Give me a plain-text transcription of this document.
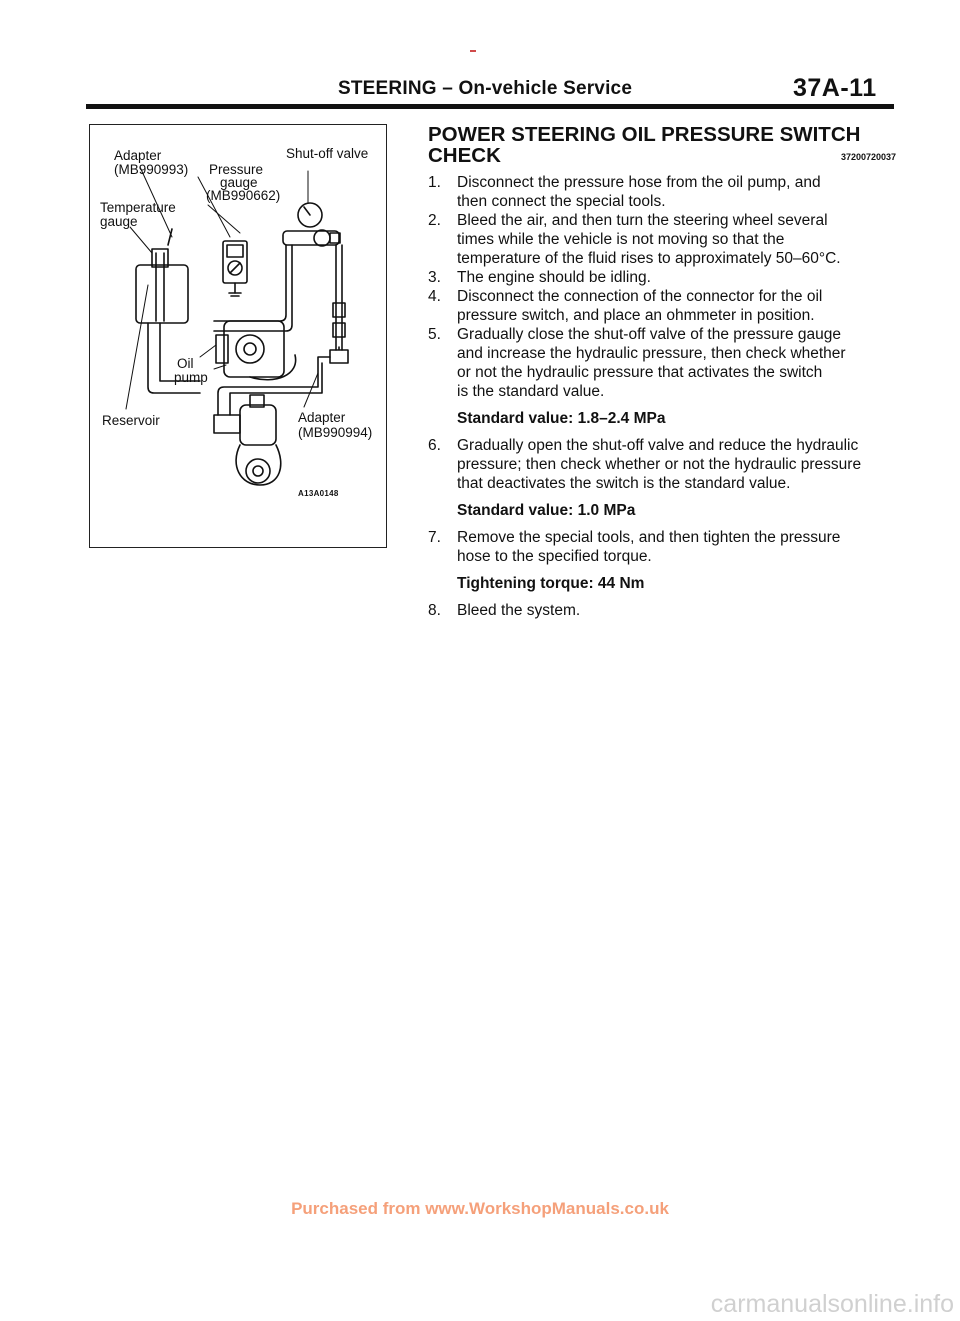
STEERING – On-vehicle Service	37A-11
Adapter
(MB990993) Pressure
gauge
(MB990662)
Shut-off valve
Temperature
gauge
Oil
pump
Reservoir	Adapter
(MB990994)
A13A0148
POWER STEERING OIL PRESSURE SWITCH
CHECK	37200720037
1. Disconnect the pressure hose from the oil pump, and
then connect the special tools.
2. Bleed the air, and then turn the steering wheel several
times while the vehicle is not moving so that the
temperature of the fluid rises to approximately 50–60°C.
3. The engine should be idling.
4. Disconnect the connection of the connector for the oil
pressure switch, and place an ohmmeter in position.
5. Gradually close the shut-off valve of the pressure gauge
and increase the hydraulic pressure, then check whether
or not the hydraulic pressure that activates the switch
is the standard value.
Standard value: 1.8–2.4 MPa
6. Gradually open the shut-off valve and reduce the hydraulic
pressure; then check whether or not the hydraulic pressure
that deactivates the switch is the standard value.
Standard value: 1.0 MPa
7. Remove the special tools, and then tighten the pressure
hose to the specified torque.
Tightening torque: 44 Nm
8. Bleed the system.
Purchased from www.WorkshopManuals.co.uk
carmanualsonline.info
